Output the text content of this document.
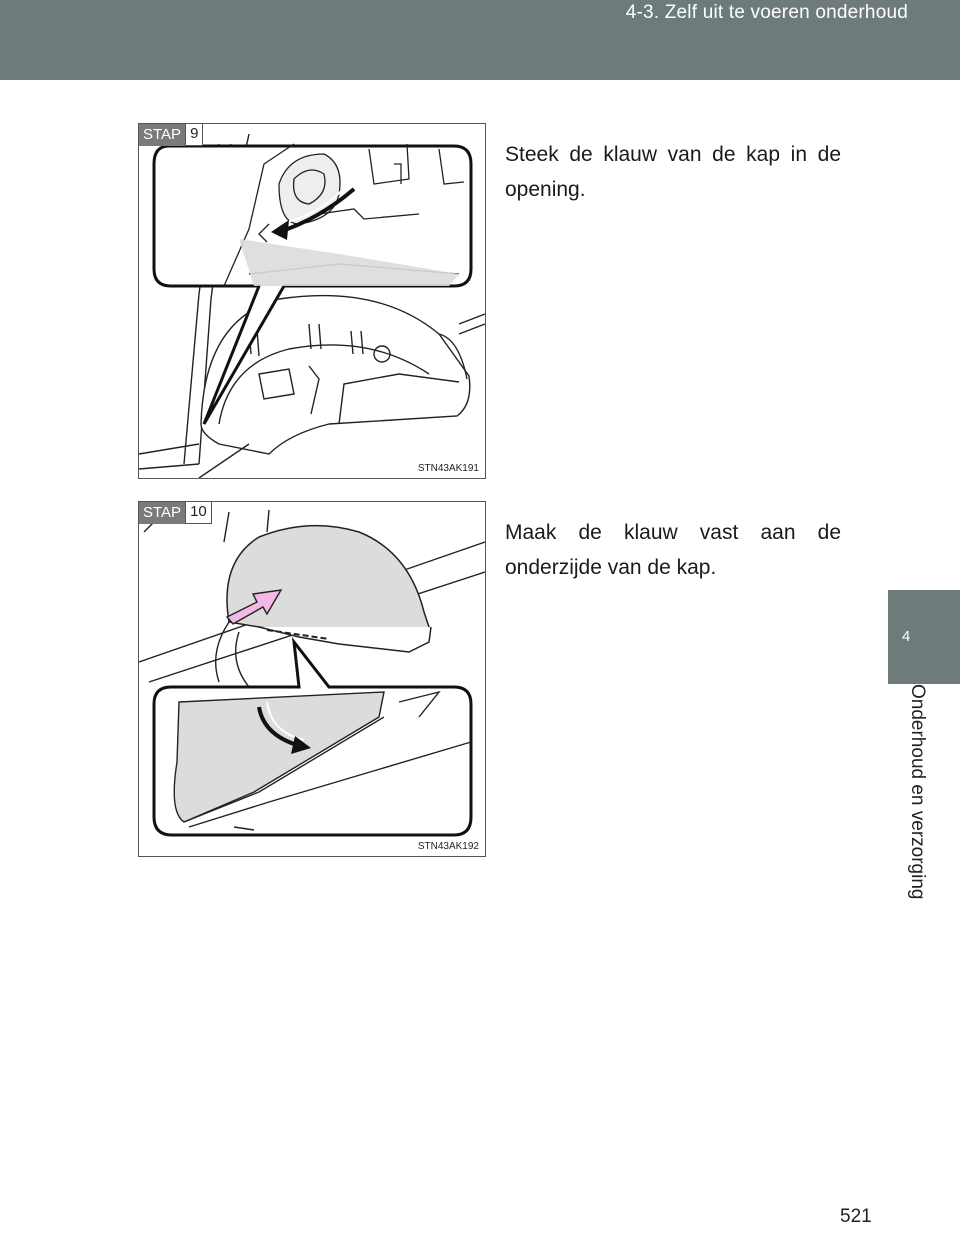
4-3. Zelf uit te voeren onderhoud
4
Onderhoud en verzorging
STAP 9
STN43AK191

Steek de klauw van de kap in de opening.

STAP 10
STN43AK192

Maak de klauw vast aan de onderzijde van de kap.

521
